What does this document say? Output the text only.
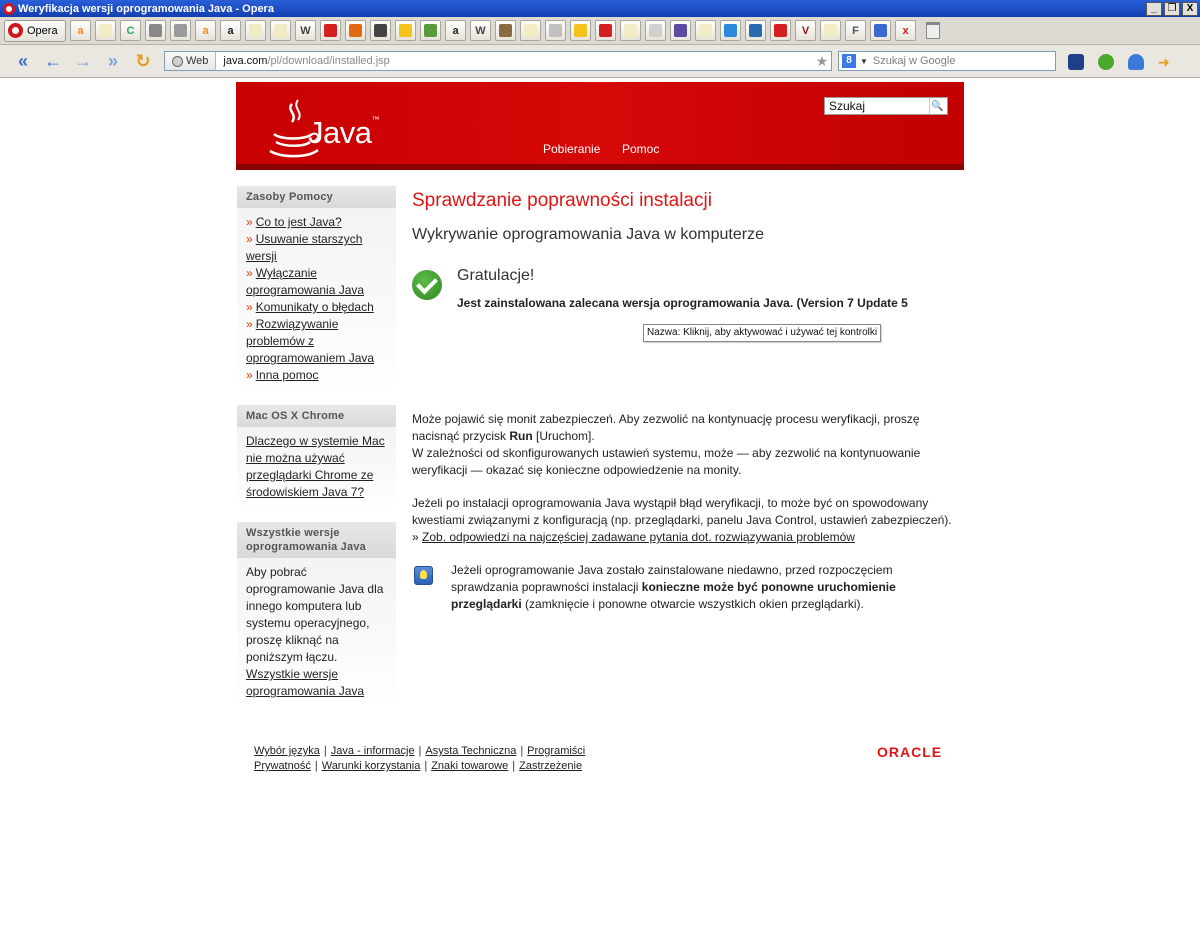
Weryfikacja wersji oprogramowania Java - Opera	_	❐	X
Opera	a	C	a	a	W	a	W	V	F	x
« ← → » ↻	Web	java.com/pl/download/installed.jsp	★	8	▼ Szukaj w Google	➜
Java™
Szukaj
🔍
Pobieranie Pomoc
Zasoby Pomocy
» Co to jest Java?
» Usuwanie starszych wersji
» Wyłączanie oprogramowania Java
» Komunikaty o błędach
» Rozwiązywanie problemów z oprogramowaniem Java
» Inna pomoc
Mac OS X Chrome
Dlaczego w systemie Mac nie można używać przeglądarki Chrome ze środowiskiem Java 7?
Wszystkie wersje oprogramowania Java
Aby pobrać oprogramowanie Java dla innego komputera lub systemu operacyjnego, proszę kliknąć na poniższym łączu.
Wszystkie wersje oprogramowania Java
Sprawdzanie poprawności instalacji
Wykrywanie oprogramowania Java w komputerze
Gratulacje!
Jest zainstalowana zalecana wersja oprogramowania Java. (Version 7 Update 5
Nazwa: Kliknij, aby aktywować i używać tej kontrolki
Może pojawić się monit zabezpieczeń. Aby zezwolić na kontynuację procesu weryfikacji, proszę nacisnąć przycisk Run [Uruchom].
W zależności od skonfigurowanych ustawień systemu, może — aby zezwolić na kontynuowanie weryfikacji — okazać się konieczne odpowiedzenie na monity.
Jeżeli po instalacji oprogramowania Java wystąpił błąd weryfikacji, to może być on spowodowany kwestiami związanymi z konfiguracją (np. przeglądarki, panelu Java Control, ustawień zabezpieczeń).
» Zob. odpowiedzi na najczęściej zadawane pytania dot. rozwiązywania problemów
Jeżeli oprogramowanie Java zostało zainstalowane niedawno, przed rozpoczęciem sprawdzania poprawności instalacji konieczne może być ponowne uruchomienie przeglądarki (zamknięcie i ponowne otwarcie wszystkich okien przeglądarki).
Wybór języka | Java - informacje | Asysta Techniczna | Programiści
Prywatność | Warunki korzystania | Znaki towarowe | Zastrzeżenie
ORACLE
